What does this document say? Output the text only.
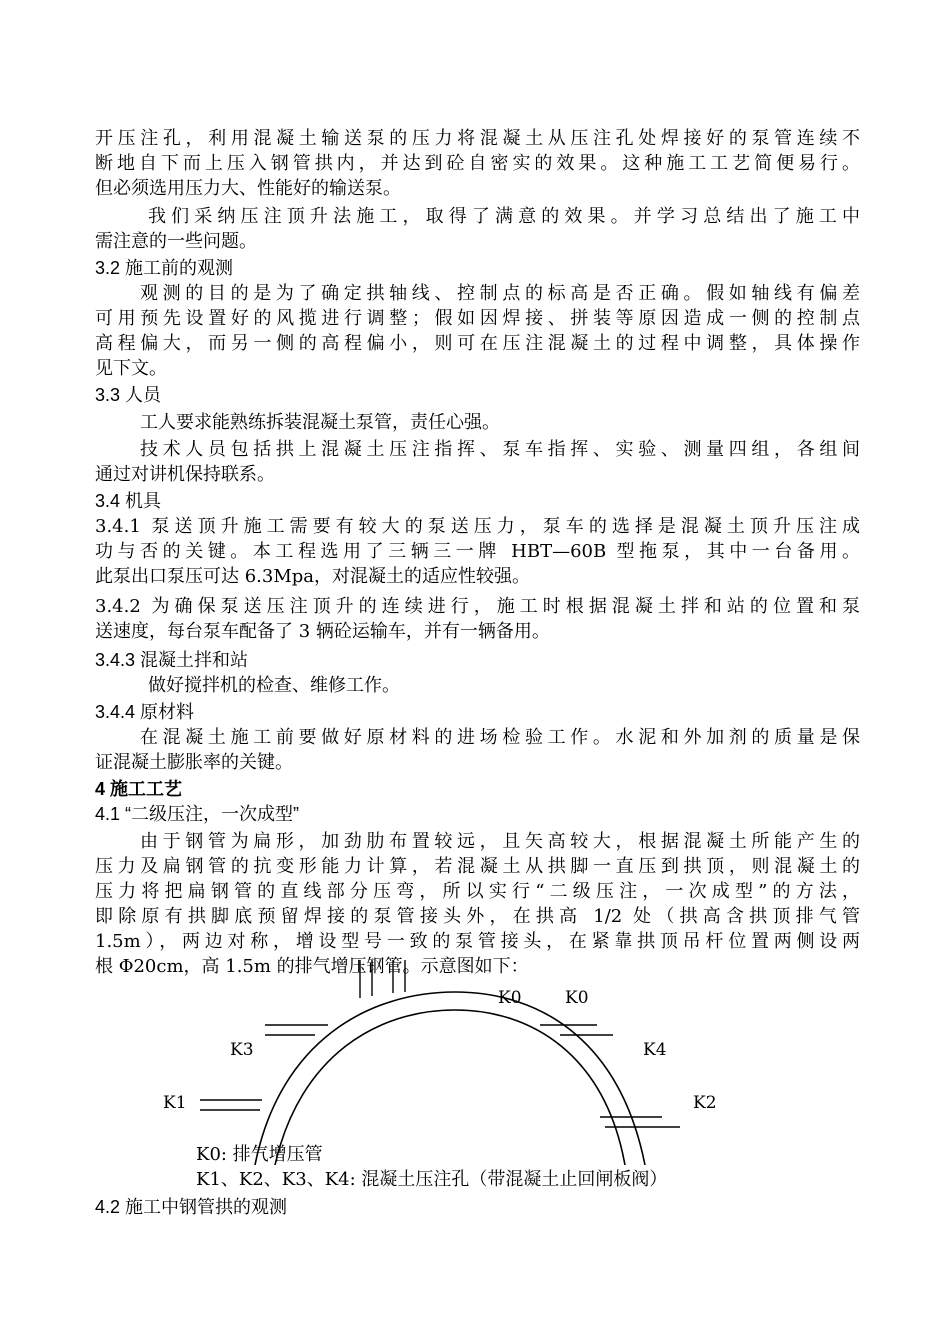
开压注孔，利用混凝土输送泵的压力将混凝土从压注孔处焊接好的泵管连续不
断地自下而上压入钢管拱内，并达到砼自密实的效果。这种施工工艺简便易行。
但必须选用压力大、性能好的输送泵。
我们采纳压注顶升法施工，取得了满意的效果。并学习总结出了施工中
需注意的一些问题。
3.2 施工前的观测
观测的目的是为了确定拱轴线、控制点的标高是否正确。假如轴线有偏差
可用预先设置好的风揽进行调整；假如因焊接、拼装等原因造成一侧的控制点
高程偏大，而另一侧的高程偏小，则可在压注混凝土的过程中调整，具体操作
见下文。
3.3 人员
工人要求能熟练拆装混凝土泵管，责任心强。
技术人员包括拱上混凝土压注指挥、泵车指挥、实验、测量四组，各组间
通过对讲机保持联系。
3.4 机具
3.4.1 泵送顶升施工需要有较大的泵送压力，泵车的选择是混凝土顶升压注成
功与否的关键。本工程选用了三辆三一牌 HBT—60B 型拖泵，其中一台备用。
此泵出口泵压可达 6.3Mpa，对混凝土的适应性较强。
3.4.2 为确保泵送压注顶升的连续进行，施工时根据混凝土拌和站的位置和泵
送速度，每台泵车配备了 3 辆砼运输车，并有一辆备用。
3.4.3 混凝土拌和站
做好搅拌机的检查、维修工作。
3.4.4 原材料
在混凝土施工前要做好原材料的进场检验工作。水泥和外加剂的质量是保
证混凝土膨胀率的关键。
4 施工工艺
4.1 “二级压注，一次成型”
由于钢管为扁形，加劲肋布置较远，且矢高较大，根据混凝土所能产生的
压力及扁钢管的抗变形能力计算，若混凝土从拱脚一直压到拱顶，则混凝土的
压力将把扁钢管的直线部分压弯，所以实行“二级压注，一次成型”的方法，
即除原有拱脚底预留焊接的泵管接头外，在拱高 1/2 处（拱高含拱顶排气管
1.5m），两边对称，增设型号一致的泵管接头，在紧靠拱顶吊杆位置两侧设两
根 Φ20cm，高 1.5m 的排气增压钢管。示意图如下：
K0	K0
K3	K4
K1	K2
K0: 排气增压管
K1、K2、K3、K4: 混凝土压注孔（带混凝土止回闸板阀）
4.2 施工中钢管拱的观测
